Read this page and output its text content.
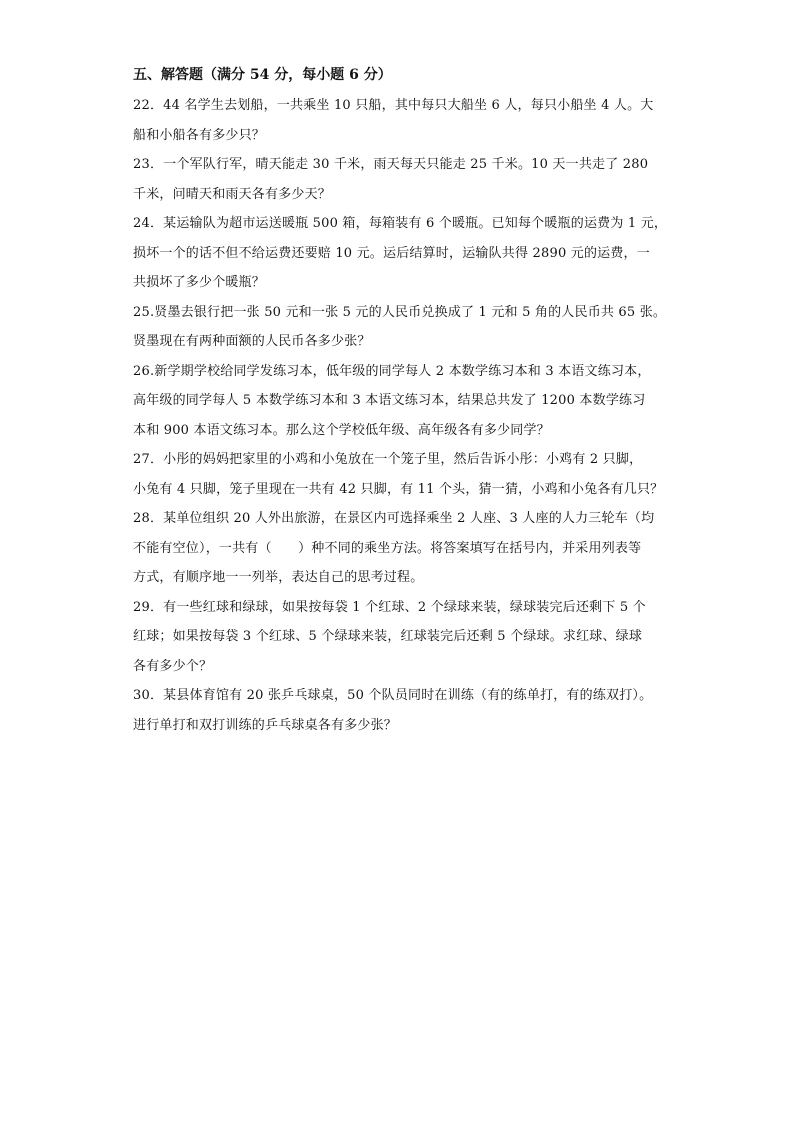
五、解答题（满分 54 分，每小题 6 分）
22．44 名学生去划船，一共乘坐 10 只船，其中每只大船坐 6 人，每只小船坐 4 人。大
船和小船各有多少只？
23．一个军队行军，晴天能走 30 千米，雨天每天只能走 25 千米。10 天一共走了 280
千米，问晴天和雨天各有多少天？
24．某运输队为超市运送暖瓶 500 箱，每箱装有 6 个暖瓶。已知每个暖瓶的运费为 1 元，
损坏一个的话不但不给运费还要赔 10 元。运后结算时，运输队共得 2890 元的运费，一
共损坏了多少个暖瓶？
25.贤墨去银行把一张 50 元和一张 5 元的人民币兑换成了 1 元和 5 角的人民币共 65 张。
贤墨现在有两种面额的人民币各多少张？
26.新学期学校给同学发练习本，低年级的同学每人 2 本数学练习本和 3 本语文练习本，
高年级的同学每人 5 本数学练习本和 3 本语文练习本，结果总共发了 1200 本数学练习
本和 900 本语文练习本。那么这个学校低年级、高年级各有多少同学？
27．小彤的妈妈把家里的小鸡和小兔放在一个笼子里，然后告诉小彤：小鸡有 2 只脚，
小兔有 4 只脚，笼子里现在一共有 42 只脚，有 11 个头，猜一猜，小鸡和小兔各有几只？
28．某单位组织 20 人外出旅游，在景区内可选择乘坐 2 人座、3 人座的人力三轮车（均
不能有空位），一共有（　　）种不同的乘坐方法。将答案填写在括号内，并采用列表等
方式，有顺序地一一列举，表达自己的思考过程。
29．有一些红球和绿球，如果按每袋 1 个红球、2 个绿球来装，绿球装完后还剩下 5 个
红球；如果按每袋 3 个红球、5 个绿球来装，红球装完后还剩 5 个绿球。求红球、绿球
各有多少个？
30．某县体育馆有 20 张乒乓球桌，50 个队员同时在训练（有的练单打，有的练双打）。
进行单打和双打训练的乒乓球桌各有多少张？
